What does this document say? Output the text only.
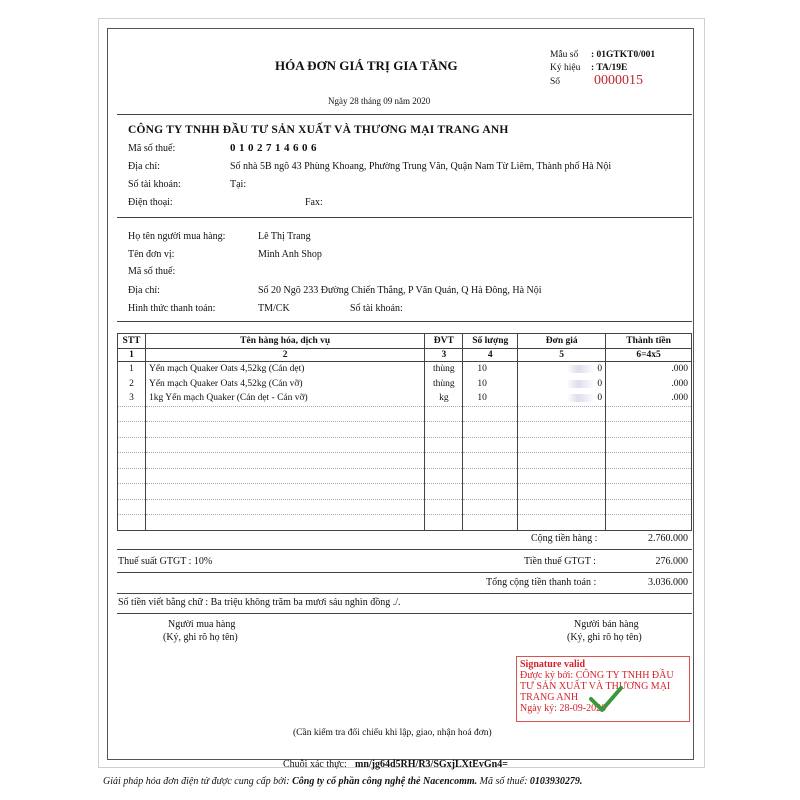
HÓA ĐƠN GIÁ TRỊ GIA TĂNG
Ngày 28 tháng 09 năm 2020
Mẫu số : 01GTKT0/001
Ký hiệu : TA/19E
Số 0000015
CÔNG TY TNHH ĐẦU TƯ SẢN XUẤT VÀ THƯƠNG MẠI TRANG ANH
Mã số thuế:	0102714606
Địa chỉ:	Số nhà 5B ngõ 43 Phùng Khoang, Phường Trung Văn, Quận Nam Từ Liêm, Thành phố Hà Nội
Số tài khoản:	Tại:
Điện thoại:	Fax:
Họ tên người mua hàng:	Lê Thị Trang
Tên đơn vị:	Minh Anh Shop
Mã số thuế:
Địa chỉ:	Số 20 Ngõ 233 Đường Chiến Thắng, P Văn Quán, Q Hà Đông, Hà Nội
Hình thức thanh toán:	TM/CK	Số tài khoản:
STT	Tên hàng hóa, dịch vụ	ĐVT	Số lượng	Đơn giá	Thành tiền
1	2	3	4	5	6=4x5
1	Yến mạch Quaker Oats 4,52kg (Cán dẹt)	thùng	10	0	.000
2	Yến mạch Quaker Oats 4,52kg (Cán vỡ)	thùng	10	0	.000
3	1kg Yến mạch Quaker (Cán dẹt - Cán vỡ)	kg	10	0	.000

Cộng tiền hàng :	2.760.000
Thuế suất GTGT : 10%	Tiền thuế GTGT :	276.000
Tổng cộng tiền thanh toán :	3.036.000
Số tiền viết bằng chữ : Ba triệu không trăm ba mươi sáu nghìn đồng ./.
Người mua hàng
(Ký, ghi rõ họ tên)
Người bán hàng
(Ký, ghi rõ họ tên)
Signature valid
Được ký bởi: CÔNG TY TNHH ĐẦU
TƯ SẢN XUẤT VÀ THƯƠNG MẠI
TRANG ANH
Ngày ký: 28-09-2020
(Cần kiểm tra đối chiếu khi lập, giao, nhận hoá đơn)
Chuỗi xác thực: mn/jg64d5RH/R3/SGxjLXtEvGn4=
Giải pháp hóa đơn điện tử được cung cấp bởi: Công ty cổ phần công nghệ thẻ Nacencomm. Mã số thuế: 0103930279.
